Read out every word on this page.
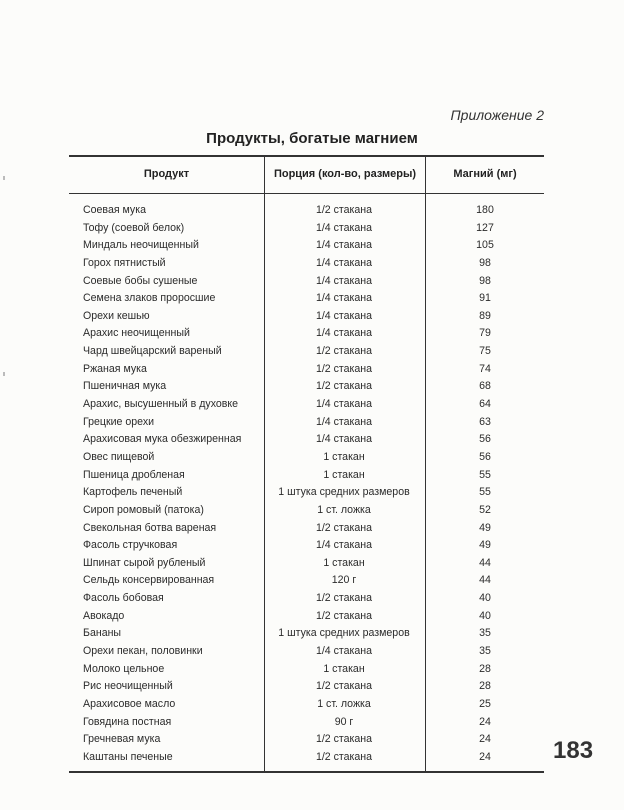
Приложение 2
Продукты, богатые магнием
Продукт	Порция (кол-во, размеры)	Магний (мг)
Соевая мука	1/2 стакана	180
Тофу (соевой белок)	1/4 стакана	127
Миндаль неочищенный	1/4 стакана	105
Горох пятнистый	1/4 стакана	98
Соевые бобы сушеные	1/4 стакана	98
Семена злаков проросшие	1/4 стакана	91
Орехи кешью	1/4 стакана	89
Арахис неочищенный	1/4 стакана	79
Чард швейцарский вареный	1/2 стакана	75
Ржаная мука	1/2 стакана	74
Пшеничная мука	1/2 стакана	68
Арахис, высушенный в духовке	1/4 стакана	64
Грецкие орехи	1/4 стакана	63
Арахисовая мука обезжиренная	1/4 стакана	56
Овес пищевой	1 стакан	56
Пшеница дробленая	1 стакан	55
Картофель печеный	1 штука средних размеров	55
Сироп ромовый (патока)	1 ст. ложка	52
Свекольная ботва вареная	1/2 стакана	49
Фасоль стручковая	1/4 стакана	49
Шпинат сырой рубленый	1 стакан	44
Сельдь консервированная	120 г	44
Фасоль бобовая	1/2 стакана	40
Авокадо	1/2 стакана	40
Бананы	1 штука средних размеров	35
Орехи пекан, половинки	1/4 стакана	35
Молоко цельное	1 стакан	28
Рис неочищенный	1/2 стакана	28
Арахисовое масло	1 ст. ложка	25
Говядина постная	90 г	24
Гречневая мука	1/2 стакана	24
Каштаны печеные	1/2 стакана	24	183
